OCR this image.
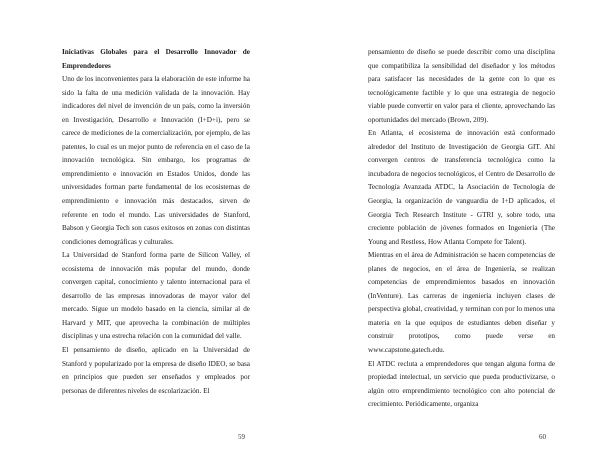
Iniciativas Globales para el Desarrollo Innovador de Emprendedores

Uno de los inconvenientes para la elaboración de este informe ha sido la falta de una medición validada de la innovación. Hay indicadores del nivel de invención de un país, como la inversión en Investigación, Desarrollo e Innovación (I+D+i), pero se carece de mediciones de la comercialización, por ejemplo, de las patentes, lo cual es un mejor punto de referencia en el caso de la innovación tecnológica. Sin embargo, los programas de emprendimiento e innovación en Estados Unidos, donde las universidades forman parte fundamental de los ecosistemas de emprendimiento e innovación más destacados, sirven de referente en todo el mundo. Las universidades de Stanford, Babson y Georgia Tech son casos exitosos en zonas con distintas condiciones demográficas y culturales.

La Universidad de Stanford forma parte de Silicon Valley, el ecosistema de innovación más popular del mundo, donde convergen capital, conocimiento y talento internacional para el desarrollo de las empresas innovadoras de mayor valor del mercado. Sigue un modelo basado en la ciencia, similar al de Harvard y MIT, que aprovecha la combinación de múltiples disciplinas y una estrecha relación con la comunidad del valle.

El pensamiento de diseño, aplicado en la Universidad de Stanford y popularizado por la empresa de diseño IDEO, se basa en principios que pueden ser enseñados y empleados por personas de diferentes niveles de escolarización. El

59

pensamiento de diseño se puede describir como una disciplina que compatibiliza la sensibilidad del diseñador y los métodos para satisfacer las necesidades de la gente con lo que es tecnológicamente factible y lo que una estrategia de negocio viable puede convertir en valor para el cliente, aprovechando las oportunidades del mercado (Brown, 209).

En Atlanta, el ecosistema de innovación está conformado alrededor del Instituto de Investigación de Georgia GIT. Ahí convergen centros de transferencia tecnológica como la incubadora de negocios tecnológicos, el Centro de Desarrollo de Tecnología Avanzada ATDC, la Asociación de Tecnología de Georgia, la organización de vanguardia de I+D aplicados, el Georgia Tech Research Institute - GTRI y, sobre todo, una creciente población de jóvenes formados en Ingeniería (The Young and Restless, How Atlanta Compete for Talent).

Mientras en el área de Administración se hacen competencias de planes de negocios, en el área de Ingeniería, se realizan competencias de emprendimientos basados en innovación (InVenture). Las carreras de ingeniería incluyen clases de perspectiva global, creatividad, y terminan con por lo menos una materia en la que equipos de estudiantes deben diseñar y construir prototipos, como puede verse en www.capstone.gatech.edu.

El ATDC recluta a emprendedores que tengan alguna forma de propiedad intelectual, un servicio que pueda productivizarse, o algún otro emprendimiento tecnológico con alto potencial de crecimiento. Periódicamente, organiza

60
